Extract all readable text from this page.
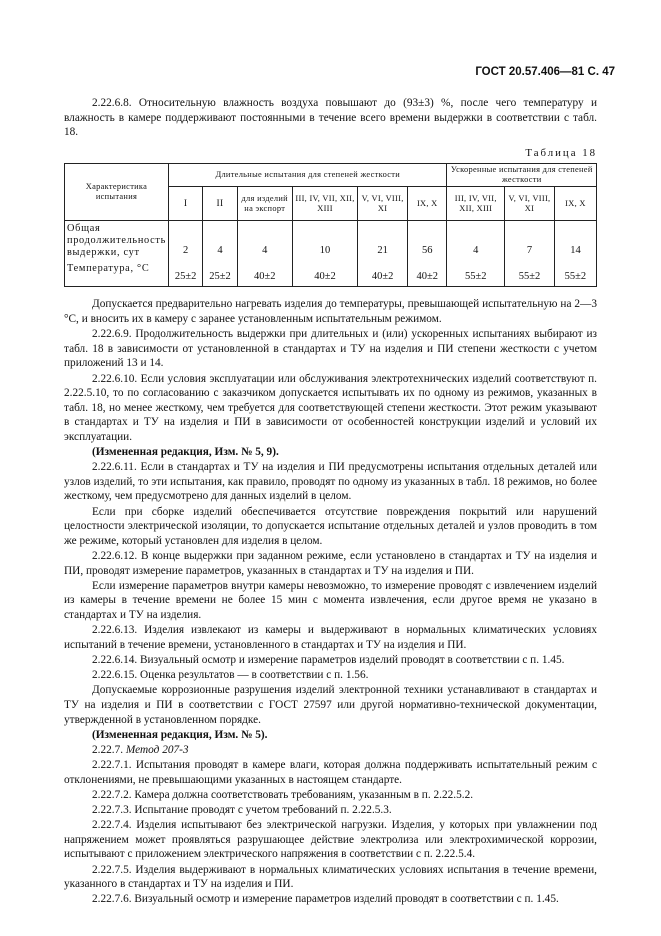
ГОСТ 20.57.406—81 С. 47

2.22.6.8. Относительную влажность воздуха повышают до (93±3) %, после чего температуру и влажность в камере поддерживают постоянными в течение всего времени выдержки в соответствии с табл. 18.

Таблица 18
Характеристика испытания	Длительные испытания для степеней жесткости						Ускоренные испытания для степеней жесткости		
	I	II	для изделий на экспорт	III, IV, VII, XII, XIII	V, VI, VIII, XI	IX, X	III, IV, VII, XII, XIII	V, VI, VIII, XI	IX, X
Общая продолжительность выдержки, сут	2	4	4	10	21	56	4	7	14
Температура, °С	25±2	25±2	40±2	40±2	40±2	40±2	55±2	55±2	55±2

Допускается предварительно нагревать изделия до температуры, превышающей испытательную на 2—3 °С, и вносить их в камеру с заранее установленным испытательным режимом.

2.22.6.9. Продолжительность выдержки при длительных и (или) ускоренных испытаниях выбирают из табл. 18 в зависимости от установленной в стандартах и ТУ на изделия и ПИ степени жесткости с учетом приложений 13 и 14.

2.22.6.10. Если условия эксплуатации или обслуживания электротехнических изделий соответствуют п. 2.22.5.10, то по согласованию с заказчиком допускается испытывать их по одному из режимов, указанных в табл. 18, но менее жесткому, чем требуется для соответствующей степени жесткости. Этот режим указывают в стандартах и ТУ на изделия и ПИ в зависимости от особенностей конструкции изделий и условий их эксплуатации.

(Измененная редакция, Изм. № 5, 9).

2.22.6.11. Если в стандартах и ТУ на изделия и ПИ предусмотрены испытания отдельных деталей или узлов изделий, то эти испытания, как правило, проводят по одному из указанных в табл. 18 режимов, но более жесткому, чем предусмотрено для данных изделий в целом.

Если при сборке изделий обеспечивается отсутствие повреждения покрытий или нарушений целостности электрической изоляции, то допускается испытание отдельных деталей и узлов проводить в том же режиме, который установлен для изделия в целом.

2.22.6.12. В конце выдержки при заданном режиме, если установлено в стандартах и ТУ на изделия и ПИ, проводят измерение параметров, указанных в стандартах и ТУ на изделия и ПИ.

Если измерение параметров внутри камеры невозможно, то измерение проводят с извлечением изделий из камеры в течение времени не более 15 мин с момента извлечения, если другое время не указано в стандартах и ТУ на изделия.

2.22.6.13. Изделия извлекают из камеры и выдерживают в нормальных климатических условиях испытаний в течение времени, установленного в стандартах и ТУ на изделия и ПИ.

2.22.6.14. Визуальный осмотр и измерение параметров изделий проводят в соответствии с п. 1.45.

2.22.6.15. Оценка результатов — в соответствии с п. 1.56.

Допускаемые коррозионные разрушения изделий электронной техники устанавливают в стандартах и ТУ на изделия и ПИ в соответствии с ГОСТ 27597 или другой нормативно-технической документации, утвержденной в установленном порядке.

(Измененная редакция, Изм. № 5).

2.22.7. Метод 207-3

2.22.7.1. Испытания проводят в камере влаги, которая должна поддерживать испытательный режим с отклонениями, не превышающими указанных в настоящем стандарте.

2.22.7.2. Камера должна соответствовать требованиям, указанным в п. 2.22.5.2.

2.22.7.3. Испытание проводят с учетом требований п. 2.22.5.3.

2.22.7.4. Изделия испытывают без электрической нагрузки. Изделия, у которых при увлажнении под напряжением может проявляться разрушающее действие электролиза или электрохимической коррозии, испытывают с приложением электрического напряжения в соответствии с п. 2.22.5.4.

2.22.7.5. Изделия выдерживают в нормальных климатических условиях испытания в течение времени, указанного в стандартах и ТУ на изделия и ПИ.

2.22.7.6. Визуальный осмотр и измерение параметров изделий проводят в соответствии с п. 1.45.
